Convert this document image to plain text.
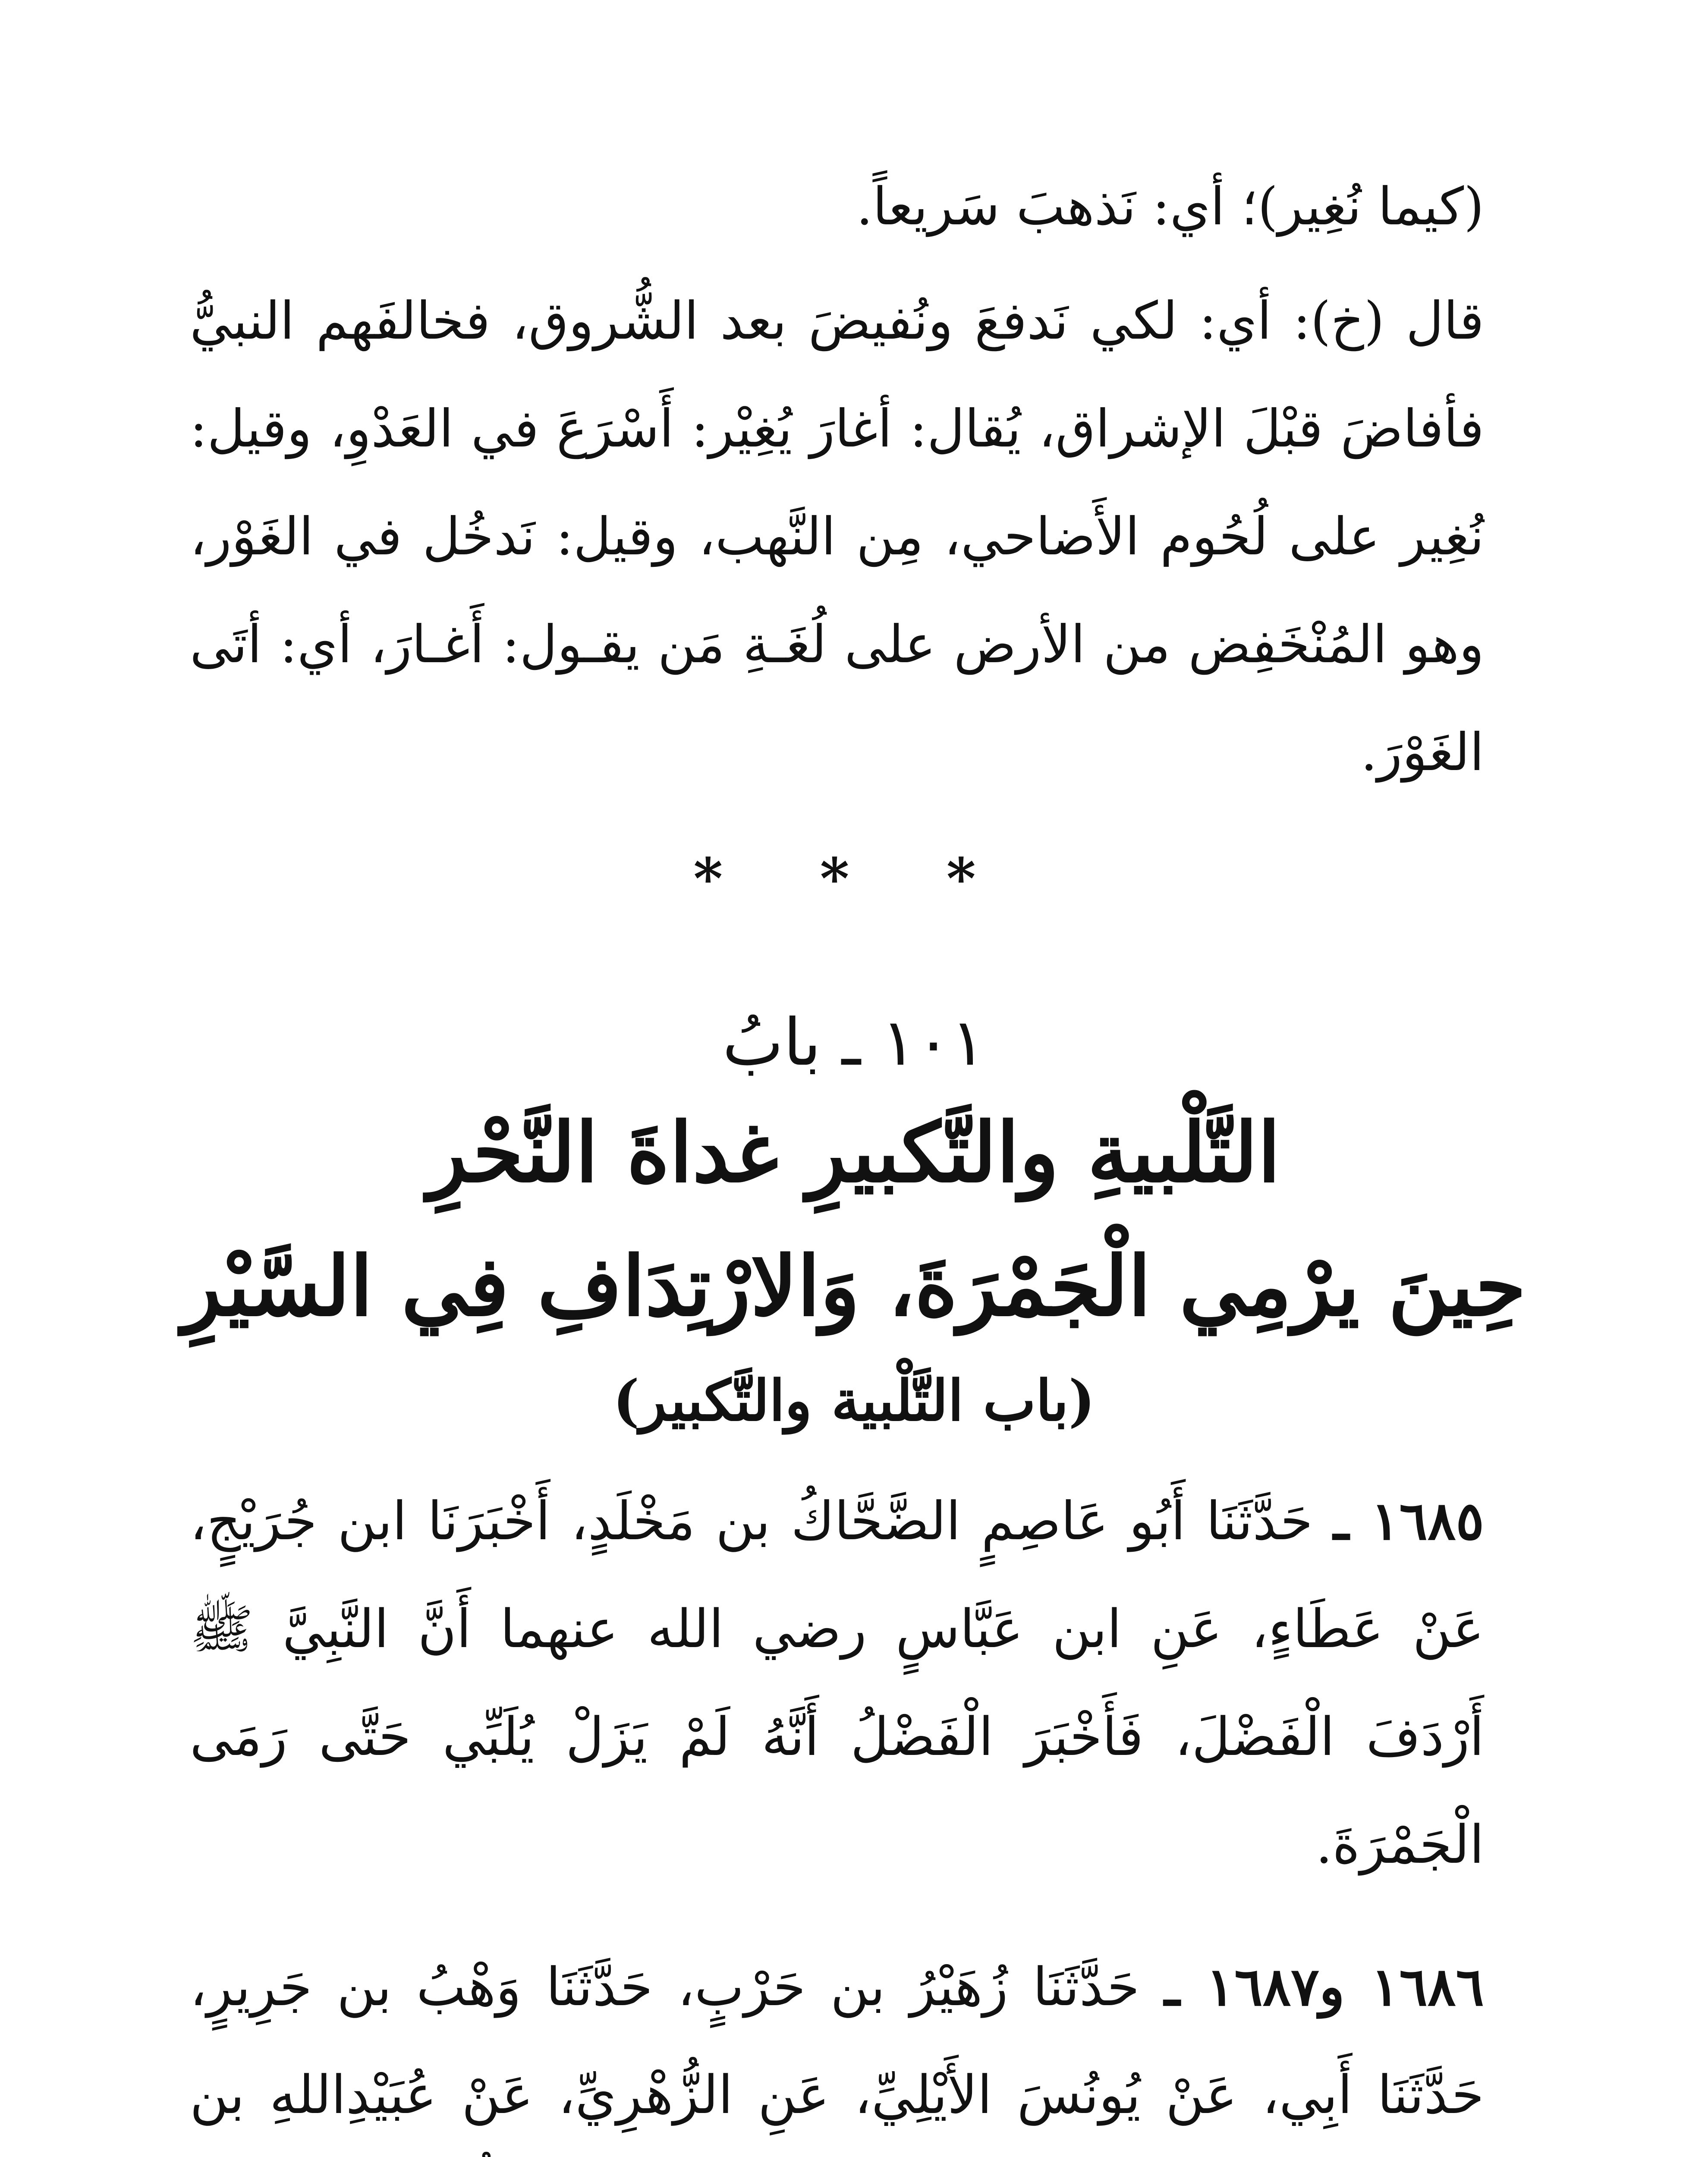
(كيما نُغِير)؛ أي: نَذهبَ سَريعاً.

قال (خ): أي: لكي نَدفعَ ونُفيضَ بعد الشُّروق، فخالفَهم النبيُّ فأفاضَ قبْلَ الإشراق، يُقال: أغارَ يُغِيْر: أَسْرَعَ في العَدْوِ، وقيل: نُغِير على لُحُوم الأَضاحي، مِن النَّهب، وقيل: نَدخُل في الغَوْر، وهو المُنْخَفِض من الأرض على لُغَـةِ مَن يقـول: أَغـارَ، أي: أتَى الغَوْرَ.

* * *
١٠١ ـ بابُ
التَّلْبيةِ والتَّكبيرِ غداةَ النَّحْرِ
حِينَ يرْمِي الْجَمْرَةَ، وَالارْتِدَافِ فِي السَّيْرِ
(باب التَّلْبية والتَّكبير)

١٦٨٥ ـ حَدَّثَنَا أَبُو عَاصِمٍ الضَّحَّاكُ بن مَخْلَدٍ، أَخْبَرَنَا ابن جُرَيْجٍ، عَنْ عَطَاءٍ، عَنِ ابن عَبَّاسٍ رضي الله عنهما أَنَّ النَّبِيَّ ﷺ أَرْدَفَ الْفَضْلَ، فَأَخْبَرَ الْفَضْلُ أَنَّهُ لَمْ يَزَلْ يُلَبِّي حَتَّى رَمَى الْجَمْرَةَ.

١٦٨٦ و١٦٨٧ ـ حَدَّثَنَا زُهَيْرُ بن حَرْبٍ، حَدَّثَنَا وَهْبُ بن جَرِيرٍ، حَدَّثَنَا أَبِي، عَنْ يُونُسَ الأَيْلِيِّ، عَنِ الزُّهْرِيِّ، عَنْ عُبَيْدِاللهِ بن
